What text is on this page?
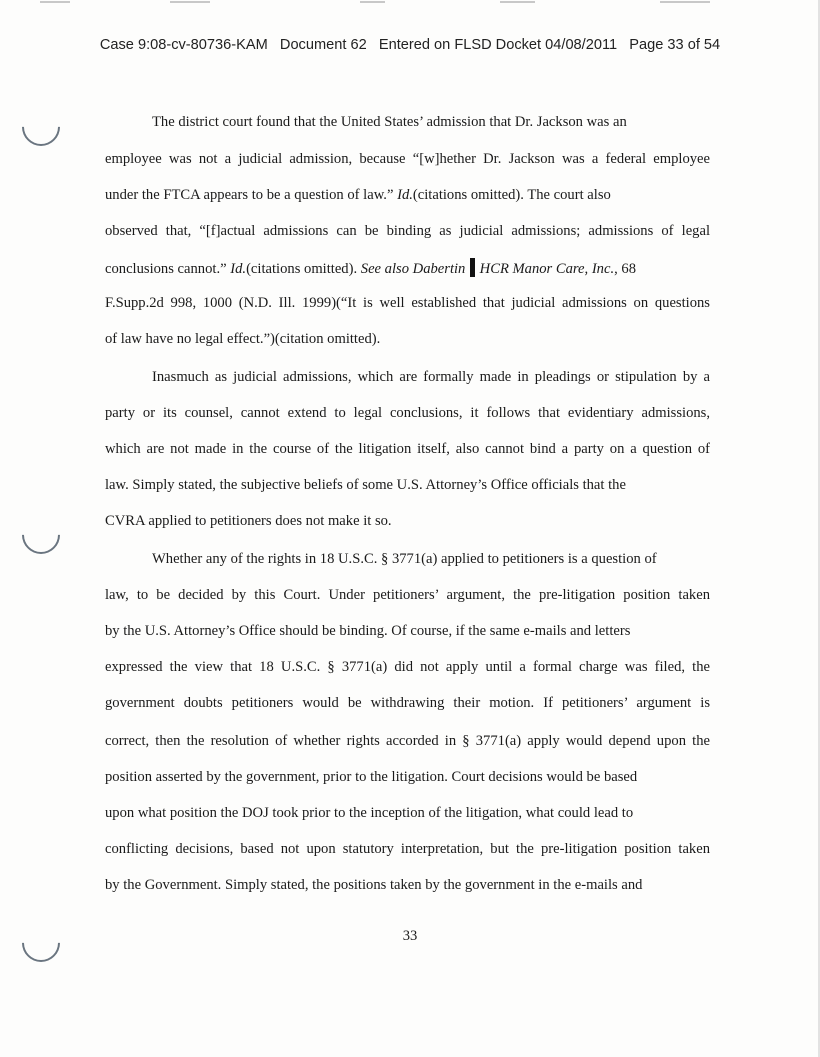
Case 9:08-cv-80736-KAM   Document 62   Entered on FLSD Docket 04/08/2011   Page 33 of 54
The district court found that the United States’ admission that Dr. Jackson was an
employee was not a judicial admission, because “[w]hether Dr. Jackson was a federal employee
under the FTCA appears to be a question of law.” Id.(citations omitted). The court also
observed that, “[f]actual admissions can be binding as judicial admissions; admissions of legal
conclusions cannot.” Id.(citations omitted). See also Dabertin HCR Manor Care, Inc., 68
F.Supp.2d 998, 1000 (N.D. Ill. 1999)(“It is well established that judicial admissions on questions
of law have no legal effect.”)(citation omitted).
Inasmuch as judicial admissions, which are formally made in pleadings or stipulation by a
party or its counsel, cannot extend to legal conclusions, it follows that evidentiary admissions,
which are not made in the course of the litigation itself, also cannot bind a party on a question of
law. Simply stated, the subjective beliefs of some U.S. Attorney’s Office officials that the
CVRA applied to petitioners does not make it so.
Whether any of the rights in 18 U.S.C. § 3771(a) applied to petitioners is a question of
law, to be decided by this Court. Under petitioners’ argument, the pre-litigation position taken
by the U.S. Attorney’s Office should be binding. Of course, if the same e-mails and letters
expressed the view that 18 U.S.C. § 3771(a) did not apply until a formal charge was filed, the
government doubts petitioners would be withdrawing their motion. If petitioners’ argument is
correct, then the resolution of whether rights accorded in § 3771(a) apply would depend upon the
position asserted by the government, prior to the litigation. Court decisions would be based
upon what position the DOJ took prior to the inception of the litigation, what could lead to
conflicting decisions, based not upon statutory interpretation, but the pre-litigation position taken
by the Government. Simply stated, the positions taken by the government in the e-mails and
33
